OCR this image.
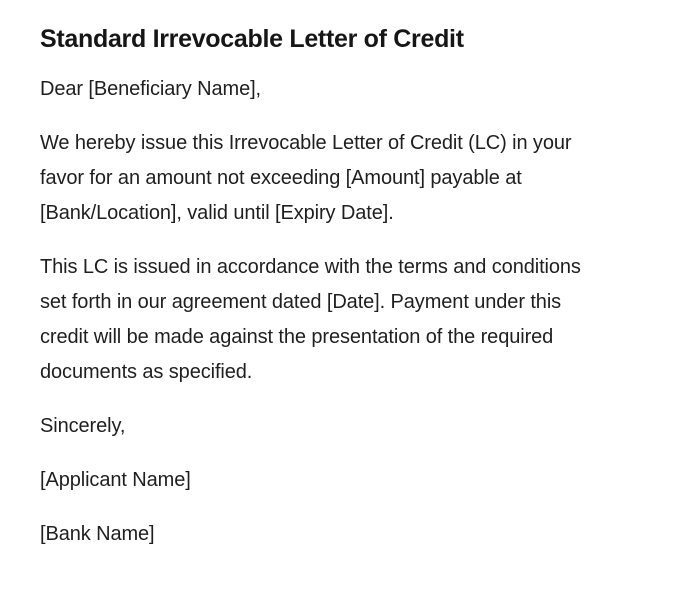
Standard Irrevocable Letter of Credit

Dear [Beneficiary Name],

We hereby issue this Irrevocable Letter of Credit (LC) in your
favor for an amount not exceeding [Amount] payable at
[Bank/Location], valid until [Expiry Date].

This LC is issued in accordance with the terms and conditions
set forth in our agreement dated [Date]. Payment under this
credit will be made against the presentation of the required
documents as specified.

Sincerely,

[Applicant Name]

[Bank Name]
